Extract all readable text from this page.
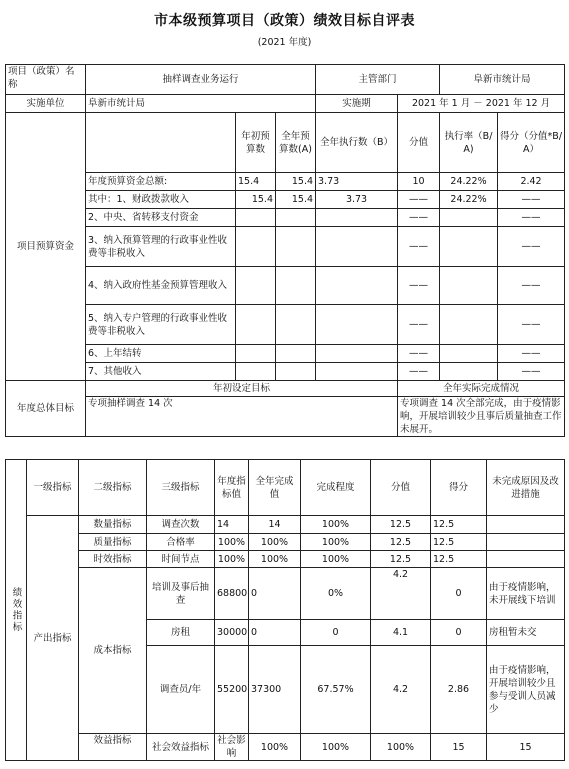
市本级预算项目（政策）绩效目标自评表
(2021 年度)
项目（政策）名称	抽样调查业务运行			主管部门		阜新市统计局	
实施单位	阜新市统计局			实施期	2021 年 1 月 － 2021 年 12 月		
项目预算资金		年初预算数	全年预算数(A)	全年执行数（B）	分值	执行率（B/A)	得分（分值*B/A）
	年度预算资金总额:	15.4	15.4	3.73	10	24.22%	2.42
	其中：1、财政拨款收入	15.4	15.4	3.73	——	24.22%	——
	2、中央、省转移支付资金				——		——
	3、纳入预算管理的行政事业性收费等非税收入				——		——
	4、纳入政府性基金预算管理收入				——		——
	5、纳入专户管理的行政事业性收费等非税收入				——		——
	6、上年结转				——		——
	7、其他收入				——		——
年度总体目标	年初设定目标				全年实际完成情况		
	专项抽样调查 14 次				专项调查 14 次全部完成，由于疫情影响，开展培训较少且事后质量抽查工作未展开。		
绩效指标	一级指标	二级指标	三级指标	年度指标值	全年完成值	完成程度	分值	得分	未完成原因及改进措施	
	产出指标	数量指标	调查次数	14	14	100%	12.5	12.5		
		质量指标	合格率	100%	100%	100%	12.5	12.5		
		时效指标	时间节点	100%	100%	100%	12.5	12.5		
		成本指标	培训及事后抽查	68800	0	0%	4.2	0	由于疫情影响，未开展线下培训	
			房租	30000	0	0	4.1	0	房租暂未交	
			调查员/年	55200	37300	67.57%	4.2	2.86	由于疫情影响，开展培训较少且参与受训人员减少	
		效益指标	社会效益指标	社会影响	100%	100%	100%	15	15	
